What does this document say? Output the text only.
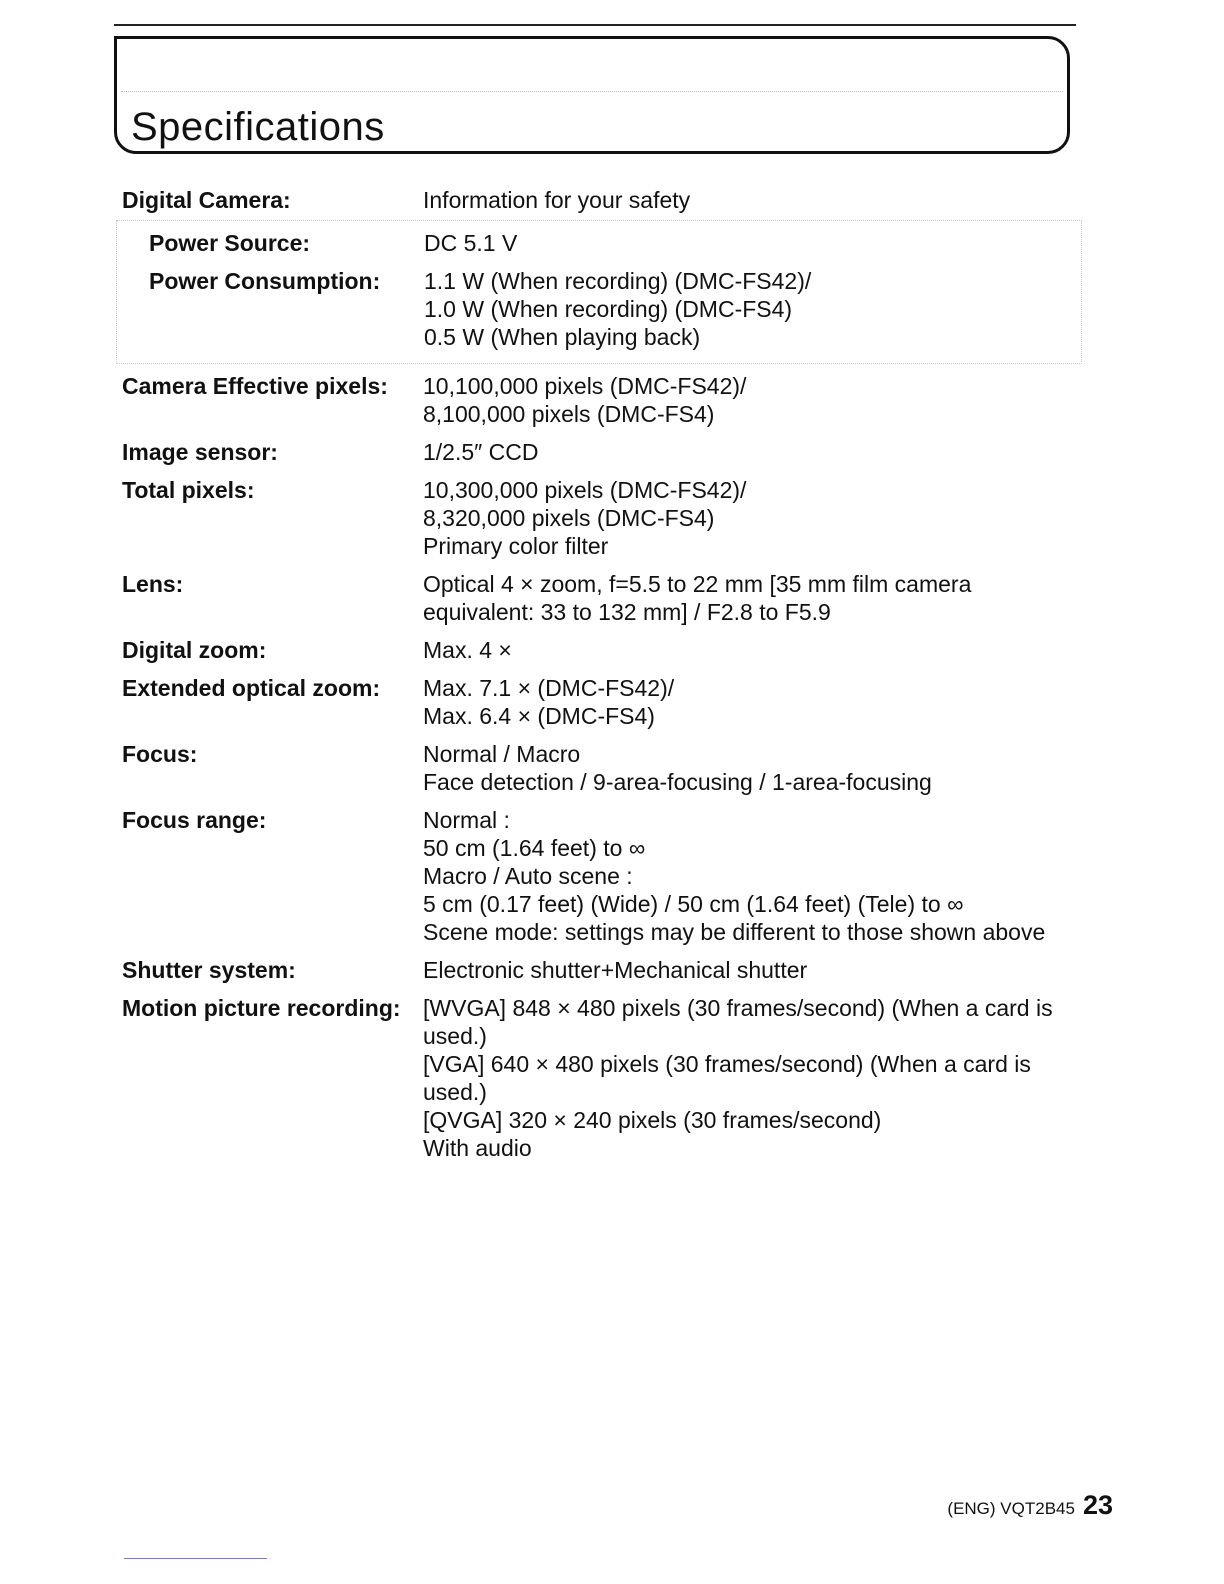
Specifications
Digital Camera:	Information for your safety
Power Source:	DC 5.1 V
Power Consumption:	1.1 W (When recording) (DMC-FS42)/
1.0 W (When recording) (DMC-FS4)
0.5 W (When playing back)
Camera Effective pixels:	10,100,000 pixels (DMC-FS42)/
8,100,000 pixels (DMC-FS4)
Image sensor:	1/2.5″ CCD
Total pixels:	10,300,000 pixels (DMC-FS42)/
8,320,000 pixels (DMC-FS4)
Primary color filter
Lens:	Optical 4 × zoom, f=5.5 to 22 mm [35 mm film camera equivalent: 33 to 132 mm] / F2.8 to F5.9
Digital zoom:	Max. 4 ×
Extended optical zoom:	Max. 7.1 × (DMC-FS42)/
Max. 6.4 × (DMC-FS4)
Focus:	Normal / Macro
Face detection / 9-area-focusing / 1-area-focusing
Focus range:	Normal :
50 cm (1.64 feet) to ∞
Macro / Auto scene :
5 cm (0.17 feet) (Wide) / 50 cm (1.64 feet) (Tele) to ∞
Scene mode: settings may be different to those shown above
Shutter system:	Electronic shutter+Mechanical shutter
Motion picture recording: [WVGA] 848 × 480 pixels (30 frames/second) (When a card is used.)
[VGA] 640 × 480 pixels (30 frames/second) (When a card is used.)
[QVGA] 320 × 240 pixels (30 frames/second)
With audio
(ENG) VQT2B45 23
